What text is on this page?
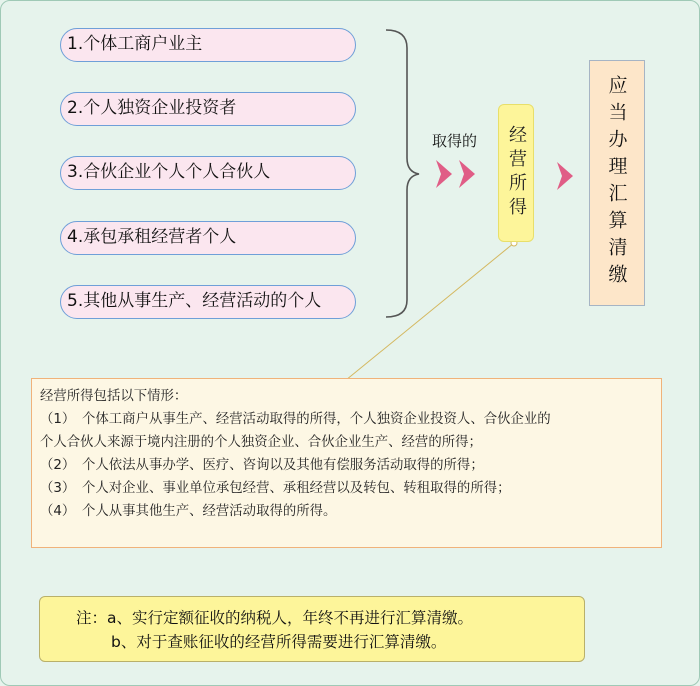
1.个体工商户业主
2.个人独资企业投资者
3.合伙企业个人个人合伙人
4.承包承租经营者个人
5.其他从事生产、经营活动的个人
取得的	经营所得	应当办理汇算清缴
经营所得包括以下情形：
（1）　个体工商户从事生产、经营活动取得的所得，个人独资企业投资人、合伙企业的
个人合伙人来源于境内注册的个人独资企业、合伙企业生产、经营的所得；
（2）　个人依法从事办学、医疗、咨询以及其他有偿服务活动取得的所得；
（3）　个人对企业、事业单位承包经营、承租经营以及转包、转租取得的所得；
（4）　个人从事其他生产、经营活动取得的所得。
注：a、实行定额征收的纳税人，年终不再进行汇算清缴。
b、对于查账征收的经营所得需要进行汇算清缴。
